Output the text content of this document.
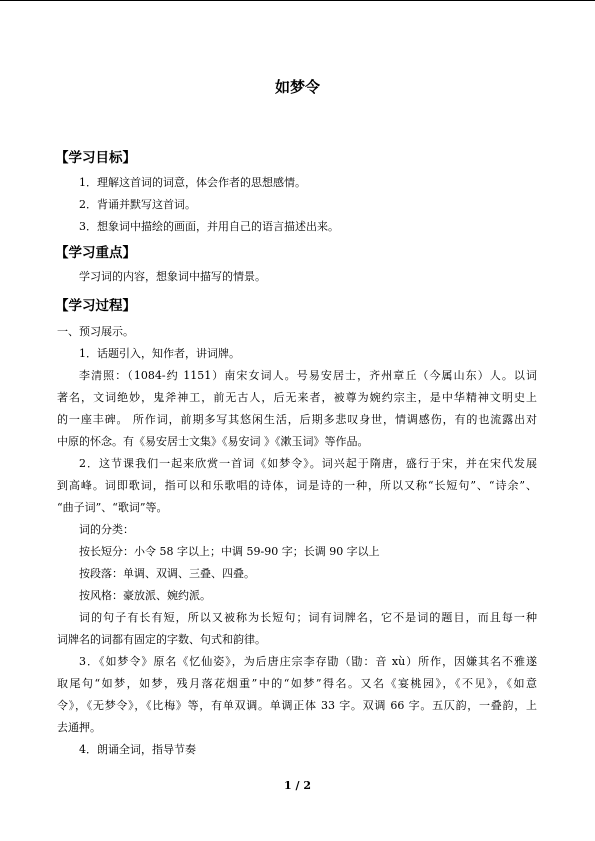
如梦令
【学习目标】
1．理解这首词的词意，体会作者的思想感情。
2．背诵并默写这首词。
3．想象词中描绘的画面，并用自己的语言描述出来。
【学习重点】
学习词的内容，想象词中描写的情景。
【学习过程】
一、预习展示。
1．话题引入，知作者，讲词牌。
李清照：（1084-约 1151）南宋女词人。号易安居士，齐州章丘（今属山东）人。以词
著名，文词绝妙，鬼斧神工，前无古人，后无来者，被尊为婉约宗主，是中华精神文明史上
的一座丰碑。 所作词，前期多写其悠闲生活，后期多悲叹身世，情调感伤，有的也流露出对
中原的怀念。有《易安居士文集》《易安词 》《漱玉词》等作品。
2．这节课我们一起来欣赏一首词《如梦令》。词兴起于隋唐，盛行于宋，并在宋代发展
到高峰。词即歌词，指可以和乐歌唱的诗体，词是诗的一种，所以又称“长短句”、“诗余”、
“曲子词”、“歌词”等。
词的分类：
按长短分：小令 58 字以上；中调 59-90 字；长调 90 字以上
按段落：单调、双调、三叠、四叠。
按风格：豪放派、婉约派。
词的句子有长有短，所以又被称为长短句；词有词牌名，它不是词的题目，而且每一种
词牌名的词都有固定的字数、句式和韵律。
3．《如梦令》原名《忆仙姿》，为后唐庄宗李存勖（勖：音 xù）所作，因嫌其名不雅遂
取尾句“如梦，如梦，残月落花烟重”中的“如梦”得名。又名《宴桃园》，《不见》，《如意
令》，《无梦令》，《比梅》等，有单双调。单调正体 33 字。双调 66 字。五仄韵，一叠韵，上
去通押。
4．朗诵全词，指导节奏
1 / 2
